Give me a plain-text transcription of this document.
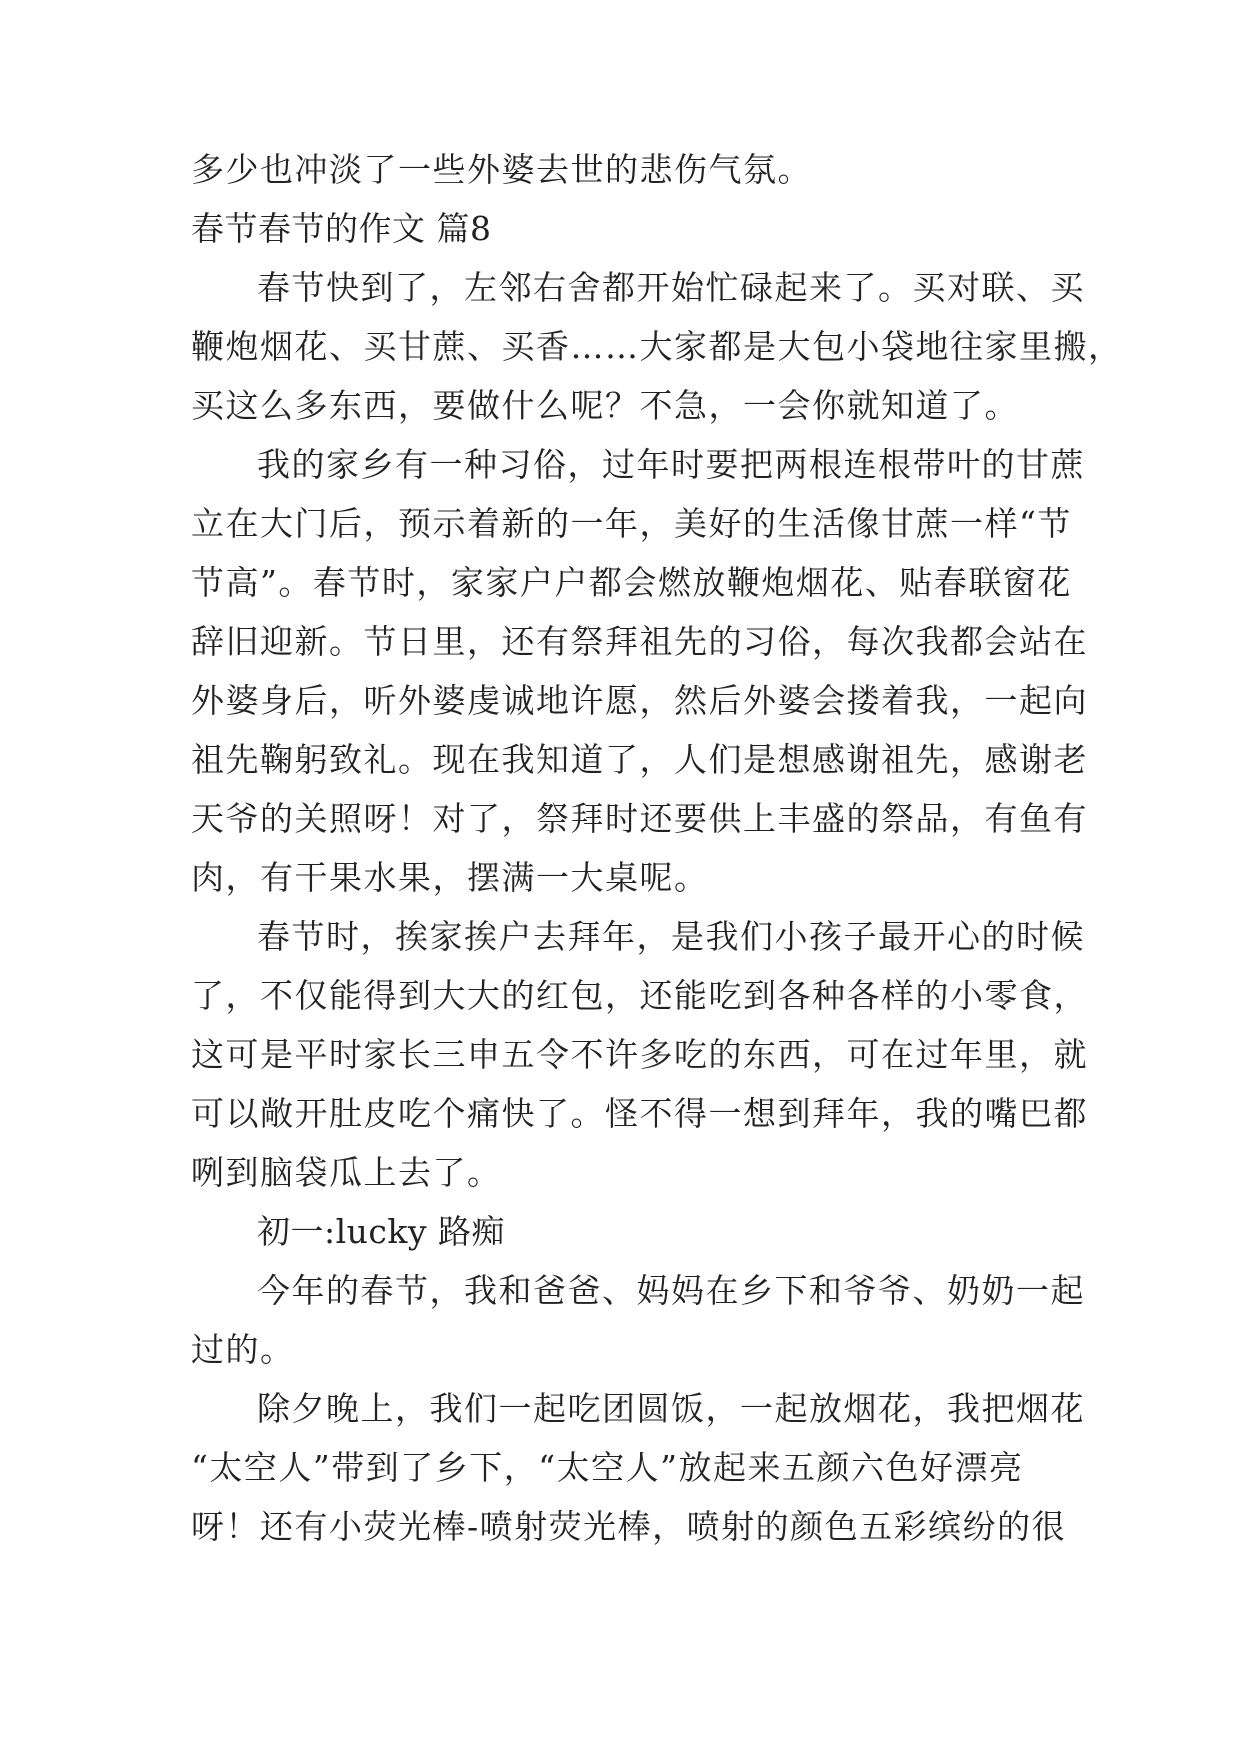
多少也冲淡了一些外婆去世的悲伤气氛。
春节春节的作文 篇8
春节快到了，左邻右舍都开始忙碌起来了。买对联、买
鞭炮烟花、买甘蔗、买香……大家都是大包小袋地往家里搬，
买这么多东西，要做什么呢？不急，一会你就知道了。
我的家乡有一种习俗，过年时要把两根连根带叶的甘蔗
立在大门后，预示着新的一年，美好的生活像甘蔗一样“节
节高”。春节时，家家户户都会燃放鞭炮烟花、贴春联窗花
辞旧迎新。节日里，还有祭拜祖先的习俗，每次我都会站在
外婆身后，听外婆虔诚地许愿，然后外婆会搂着我，一起向
祖先鞠躬致礼。现在我知道了，人们是想感谢祖先，感谢老
天爷的关照呀！对了，祭拜时还要供上丰盛的祭品，有鱼有
肉，有干果水果，摆满一大桌呢。
春节时，挨家挨户去拜年，是我们小孩子最开心的时候
了，不仅能得到大大的红包，还能吃到各种各样的小零食，
这可是平时家长三申五令不许多吃的东西，可在过年里，就
可以敞开肚皮吃个痛快了。怪不得一想到拜年，我的嘴巴都
咧到脑袋瓜上去了。
初一:lucky 路痴
今年的春节，我和爸爸、妈妈在乡下和爷爷、奶奶一起
过的。
除夕晚上，我们一起吃团圆饭，一起放烟花，我把烟花
“太空人”带到了乡下，“太空人”放起来五颜六色好漂亮
呀！还有小荧光棒-喷射荧光棒，喷射的颜色五彩缤纷的很
